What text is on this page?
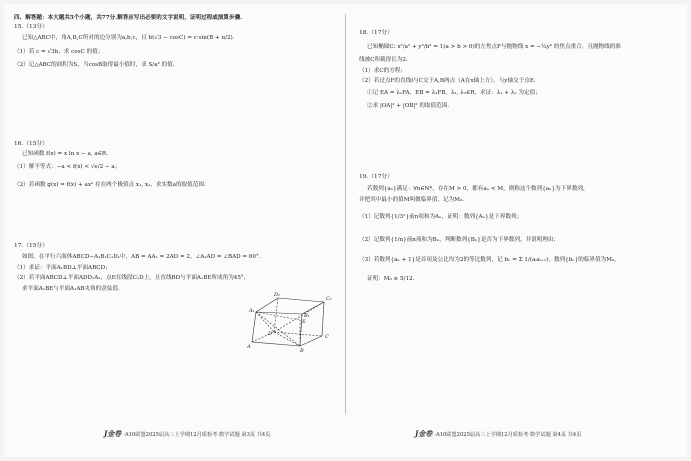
四、解答题：本大题共5个小题，共77分.解答应写出必要的文字说明，证明过程或演算步骤.
15.（13分）
已知△ABC中，角A,B,C所对的边分别为a,b,c，且 b(√3 − cosC) = c·sin(B + π/2).
（1）若 c = √3b，求 cosC 的值；
（2）记△ABC的面积为S，当cosB取得最小值时，求 S/a² 的值.
16.（15分）
已知函数 f(x) = x ln x − a, a∈R.
（1）解不等式：−a < f(x) < √e/2 − a；
（2）若函数 g(x) = f(x) + ax² 存在两个极值点 x₁, x₂，求实数a的取值范围.
17.（15分）
如图，在平行六面体ABCD−A₁B₁C₁D₁中，AB = AA₁ = 2AD = 2，∠A₁AD = ∠BAD = 60°.
（1）求证：平面A₁BD⊥平面ABCD；
（2）若平面ABCD⊥平面ADD₁A₁，点E在线段C₁D上，且直线BD与平面A₁BE所成角为45°，
求平面A₁BE与平面A₁AB夹角的余弦值.
D₁
C₁
A₁
B₁
D	C
A
B
E
J金卷 ·A10联盟2025届高三上学期12月质检考·数学试题 第3页 共4页
18.（17分）
已知椭圆C: x²/a² + y²/b² = 1(a > b > 0)的左焦点F与抛物线 x = −¼y² 的焦点重合，且抛物线的准
线被C所截得长为2.
（1）求C的方程；
（2）若过点F的直线l与C交于A,B两点（A在x轴上方），与y轴交于点E.
①记 EA = λ₁FA，EB = λ₂FB，λ₁, λ₂∈R，求证：λ₁ + λ₂ 为定值；
②求 |OA|² + |OB|² 的取值范围.
19.（17分）
若数列{aₙ}满足：∀n∈N*，存在M > 0，都有aₙ < M，则称这个数列{aₙ}为下界数列，
并把其中最小的值M叫做临界值，记为M₀.
（1）记数列{1/3ⁿ}前n项和为Aₙ，证明：数列{Aₙ}是下界数列；
（2）记数列{1/n}前n项和为Bₙ，判断数列{Bₙ}是否为下界数列，并说明理由；
（3）若数列{aₙ + 1}是首项及公比均为2的等比数列，记 bₙ = Σ 1/(aᵢaᵢ₊₁)，数列{bₙ}的临界值为M₀，
证明：M₀ ≤ 5/12.
J金卷 ·A10联盟2025届高三上学期12月质检考·数学试题 第4页 共4页
